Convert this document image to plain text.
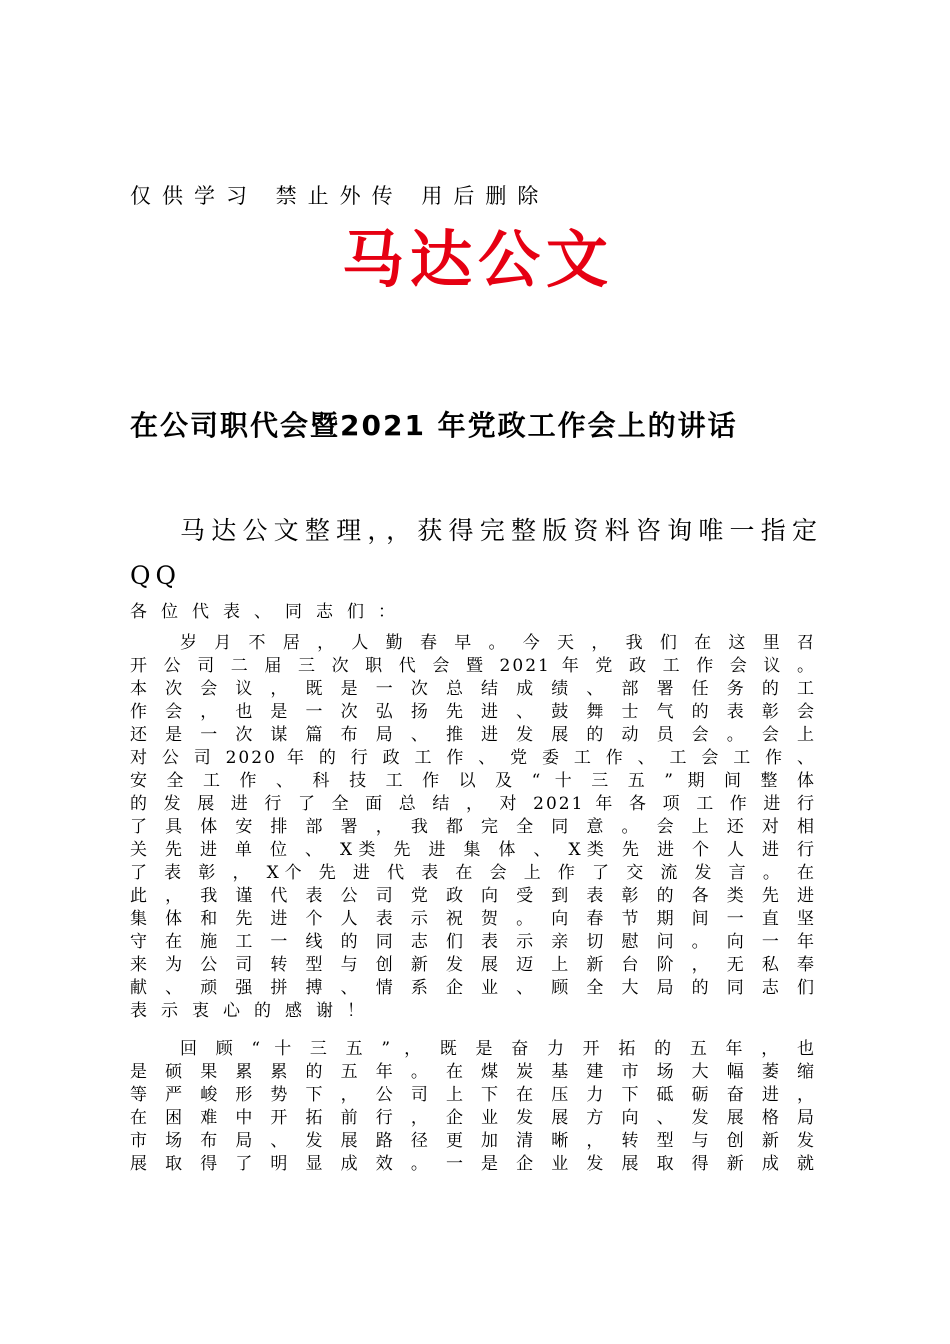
仅供学习 禁止外传 用后删除
马达公文
在公司职代会暨2021 年党政工作会上的讲话
马达公文整理，，获得完整版资料咨询唯一指定QQ
各位代表、同志们：
岁 月 不 居 ， 人 勤 春 早 。 今 天 ， 我 们 在 这 里 召
开 公 司 二 届 三 次 职 代 会 暨 2021 年 党 政 工 作 会 议 。
本 次 会 议 ， 既 是 一 次 总 结 成 绩 、 部 署 任 务 的 工
作 会 ， 也 是 一 次 弘 扬 先 进 、 鼓 舞 士 气 的 表 彰 会
还 是 一 次 谋 篇 布 局 、 推 进 发 展 的 动 员 会 。 会 上
对 公 司 2020 年 的 行 政 工 作 、 党 委 工 作 、 工 会 工 作 、
安 全 工 作 、 科 技 工 作 以 及 “ 十 三 五 ” 期 间 整 体
的 发 展 进 行 了 全 面 总 结 ， 对 2021 年 各 项 工 作 进 行
了 具 体 安 排 部 署 ， 我 都 完 全 同 意 。 会 上 还 对 相
关 先 进 单 位 、 X类 先 进 集 体 、 X类 先 进 个 人 进 行
了 表 彰 ， X个 先 进 代 表 在 会 上 作 了 交 流 发 言 。 在
此 ， 我 谨 代 表 公 司 党 政 向 受 到 表 彰 的 各 类 先 进
集 体 和 先 进 个 人 表 示 祝 贺 。 向 春 节 期 间 一 直 坚
守 在 施 工 一 线 的 同 志 们 表 示 亲 切 慰 问 。 向 一 年
来 为 公 司 转 型 与 创 新 发 展 迈 上 新 台 阶 ， 无 私 奉
献 、 顽 强 拼 搏 、 情 系 企 业 、 顾 全 大 局 的 同 志 们
表示衷心的感谢！
回 顾 “ 十 三 五 ” ， 既 是 奋 力 开 拓 的 五 年 ， 也
是 硕 果 累 累 的 五 年 。 在 煤 炭 基 建 市 场 大 幅 萎 缩
等 严 峻 形 势 下 ， 公 司 上 下 在 压 力 下 砥 砺 奋 进 ，
在 困 难 中 开 拓 前 行 ， 企 业 发 展 方 向 、 发 展 格 局
市 场 布 局 、 发 展 路 径 更 加 清 晰 ， 转 型 与 创 新 发
展 取 得 了 明 显 成 效 。 一 是 企 业 发 展 取 得 新 成 就
